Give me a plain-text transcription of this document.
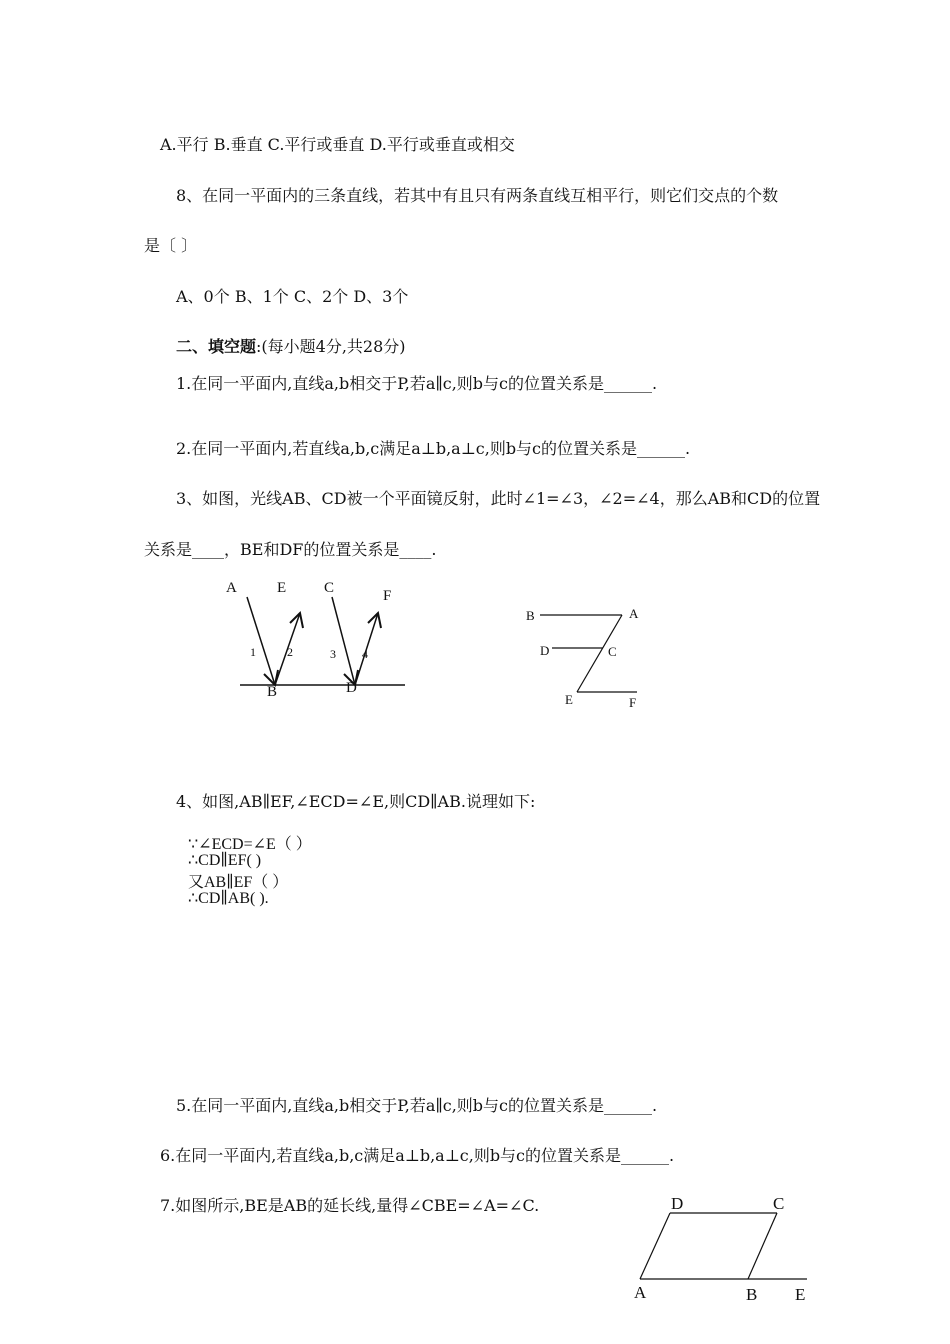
A.平行 B.垂直 C.平行或垂直 D.平行或垂直或相交
8、在同一平面内的三条直线，若其中有且只有两条直线互相平行，则它们交点的个数
是〔 〕
A、0个 B、1个 C、2个 D、3个
二、填空题:(每小题4分,共28分)
1.在同一平面内,直线a,b相交于P,若a∥c,则b与c的位置关系是______.
2.在同一平面内,若直线a,b,c满足a⊥b,a⊥c,则b与c的位置关系是______.
3、如图，光线AB、CD被一个平面镜反射，此时∠1=∠3，∠2=∠4，那么AB和CD的位置
关系是____，BE和DF的位置关系是____.
A	E	C	F
B	D
1	2	3 4
B	A
D	C
E	F
4、如图,AB∥EF,∠ECD=∠E,则CD∥AB.说理如下:
∵∠ECD=∠E（ ）
∴CD∥EF( )
又AB∥EF（ ）
∴CD∥AB( ).
5.在同一平面内,直线a,b相交于P,若a∥c,则b与c的位置关系是______.
6.在同一平面内,若直线a,b,c满足a⊥b,a⊥c,则b与c的位置关系是______.
7.如图所示,BE是AB的延长线,量得∠CBE=∠A=∠C.	D	C
A	B E
